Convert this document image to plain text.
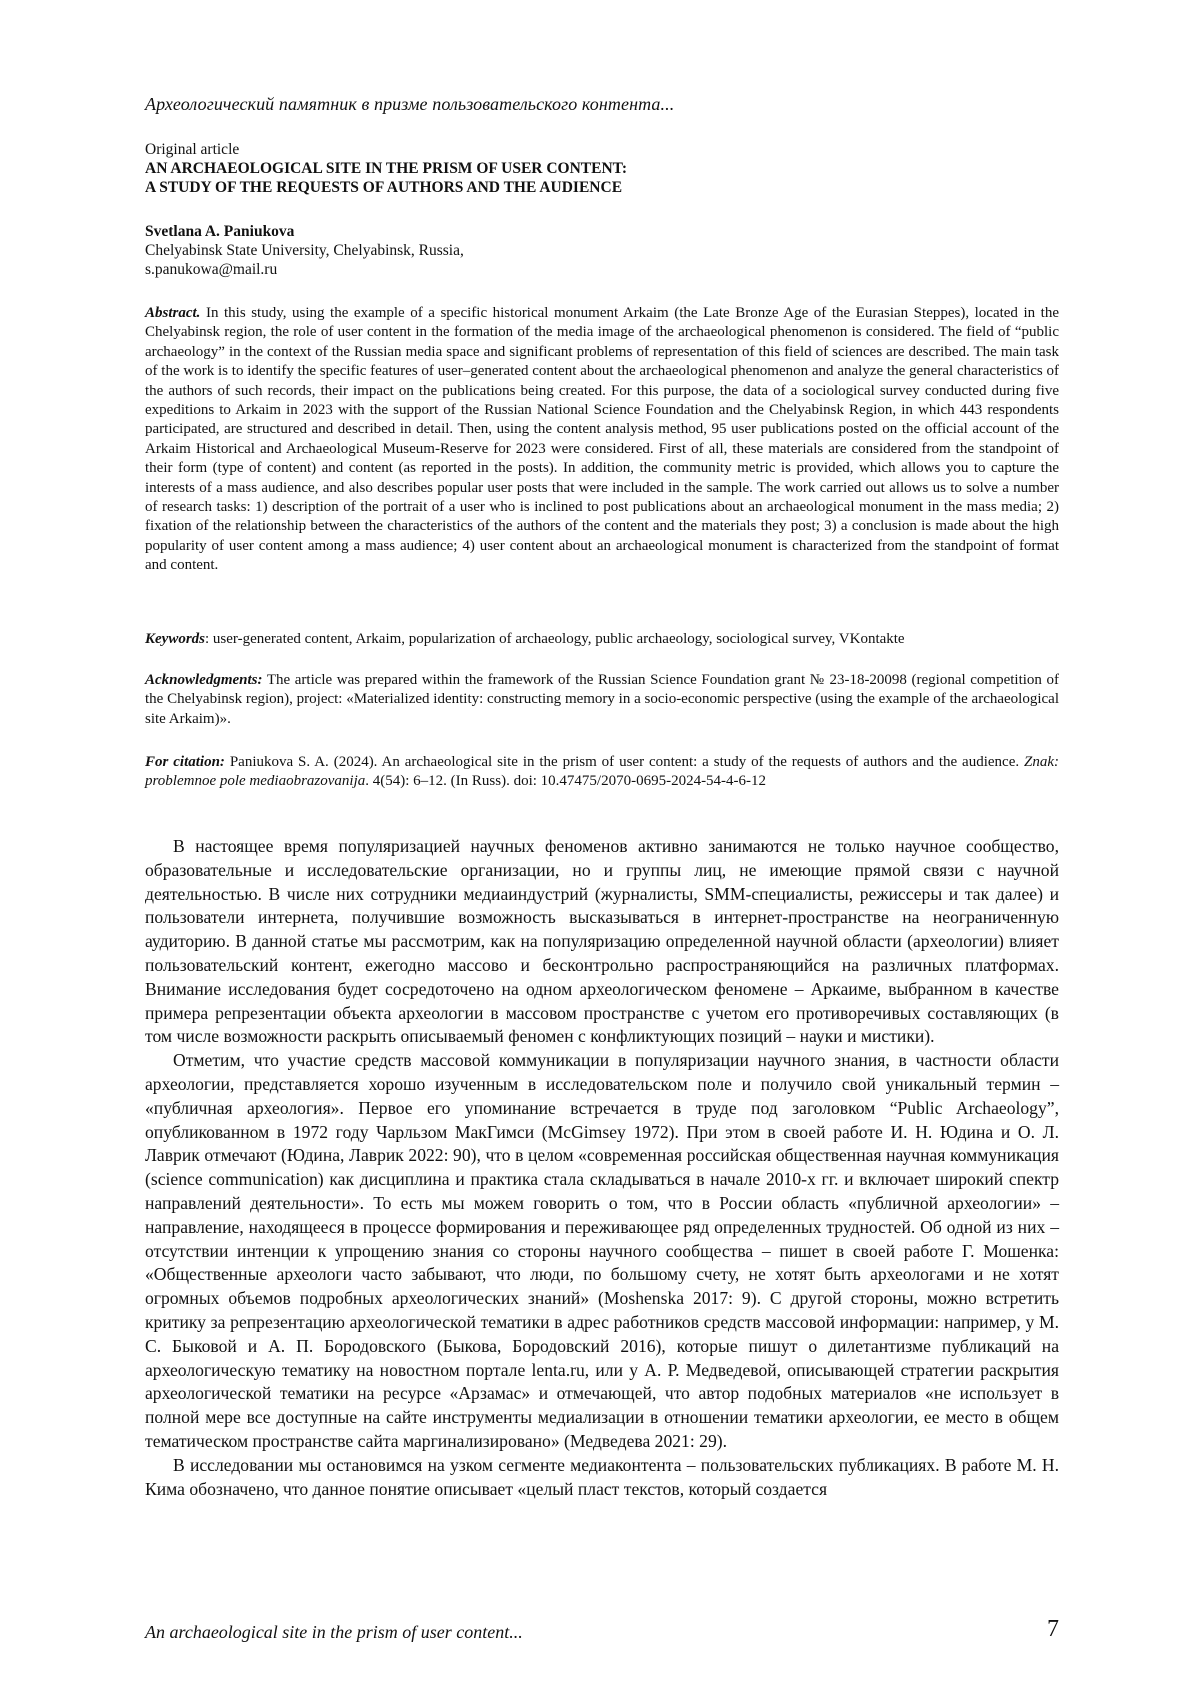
Археологический памятник в призме пользовательского контента...
Original article
AN ARCHAEOLOGICAL SITE IN THE PRISM OF USER CONTENT:
A STUDY OF THE REQUESTS OF AUTHORS AND THE AUDIENCE
Svetlana A. Paniukova
Chelyabinsk State University, Chelyabinsk, Russia,
s.panukowa@mail.ru
Abstract. In this study, using the example of a specific historical monument Arkaim (the Late Bronze Age of the Eurasian Steppes), located in the Chelyabinsk region, the role of user content in the formation of the media image of the archaeological phenomenon is considered. The field of “public archaeology” in the context of the Russian media space and significant problems of representation of this field of sciences are described. The main task of the work is to identify the specific features of user–generated content about the archaeological phenomenon and analyze the general characteristics of the authors of such records, their impact on the publications being created. For this purpose, the data of a sociological survey conducted during five expeditions to Arkaim in 2023 with the support of the Russian National Science Foundation and the Chelyabinsk Region, in which 443 respondents participated, are structured and described in detail. Then, using the content analysis method, 95 user publications posted on the official account of the Arkaim Historical and Archaeological Museum-Reserve for 2023 were considered. First of all, these materials are considered from the standpoint of their form (type of content) and content (as reported in the posts). In addition, the community metric is provided, which allows you to capture the interests of a mass audience, and also describes popular user posts that were included in the sample. The work carried out allows us to solve a number of research tasks: 1) description of the portrait of a user who is inclined to post publications about an archaeological monument in the mass media; 2) fixation of the relationship between the characteristics of the authors of the content and the materials they post; 3) a conclusion is made about the high popularity of user content among a mass audience; 4) user content about an archaeological monument is characterized from the standpoint of format and content.
Keywords: user-generated content, Arkaim, popularization of archaeology, public archaeology, sociological survey, VKontakte
Acknowledgments: The article was prepared within the framework of the Russian Science Foundation grant № 23-18-20098 (regional competition of the Chelyabinsk region), project: «Materialized identity: constructing memory in a socio-economic perspective (using the example of the archaeological site Arkaim)».
For citation: Paniukova S. A. (2024). An archaeological site in the prism of user content: a study of the requests of authors and the audience. Znak: problemnoe pole mediaobrazovanija. 4(54): 6–12. (In Russ). doi: 10.47475/2070-0695-2024-54-4-6-12

В настоящее время популяризацией научных феноменов активно занимаются не только научное сообщество, образовательные и исследовательские организации, но и группы лиц, не имеющие прямой связи с научной деятельностью. В числе них сотрудники медиаиндустрий (журналисты, SMM-специалисты, режиссеры и так далее) и пользователи интернета, получившие возможность высказываться в интернет-пространстве на неограниченную аудиторию. В данной статье мы рассмотрим, как на популяризацию определенной научной области (археологии) влияет пользовательский контент, ежегодно массово и бесконтрольно распространяющийся на различных платформах. Внимание исследования будет сосредоточено на одном археологическом феномене – Аркаиме, выбранном в качестве примера репрезентации объекта археологии в массовом пространстве с учетом его противоречивых составляющих (в том числе возможности раскрыть описываемый феномен с конфликтующих позиций – науки и мистики).

Отметим, что участие средств массовой коммуникации в популяризации научного знания, в частности области археологии, представляется хорошо изученным в исследовательском поле и получило свой уникальный термин – «публичная археология». Первое его упоминание встречается в труде под заголовком “Public Archaeology”, опубликованном в 1972 году Чарльзом МакГимси (McGimsey 1972). При этом в своей работе И. Н. Юдина и О. Л. Лаврик отмечают (Юдина, Лаврик 2022: 90), что в целом «современная российская общественная научная коммуникация (science communication) как дисциплина и практика стала складываться в начале 2010-х гг. и включает широкий спектр направлений деятельности». То есть мы можем говорить о том, что в России область «публичной археологии» – направление, находящееся в процессе формирования и переживающее ряд определенных трудностей. Об одной из них – отсутствии интенции к упрощению знания со стороны научного сообщества – пишет в своей работе Г. Мошенка: «Общественные археологи часто забывают, что люди, по большому счету, не хотят быть археологами и не хотят огромных объемов подробных археологических знаний» (Moshenska 2017: 9). С другой стороны, можно встретить критику за репрезентацию археологической тематики в адрес работников средств массовой информации: например, у М. С. Быковой и А. П. Бородовского (Быкова, Бородовский 2016), которые пишут о дилетантизме публикаций на археологическую тематику на новостном портале lenta.ru, или у А. Р. Медведевой, описывающей стратегии раскрытия археологической тематики на ресурсе «Арзамас» и отмечающей, что автор подобных материалов «не использует в полной мере все доступные на сайте инструменты медиализации в отношении тематики археологии, ее место в общем тематическом пространстве сайта маргинализировано» (Медведева 2021: 29).

В исследовании мы остановимся на узком сегменте медиаконтента – пользовательских публикациях. В работе М. Н. Кима обозначено, что данное понятие описывает «целый пласт текстов, который создается

An archaeological site in the prism of user content...	7
